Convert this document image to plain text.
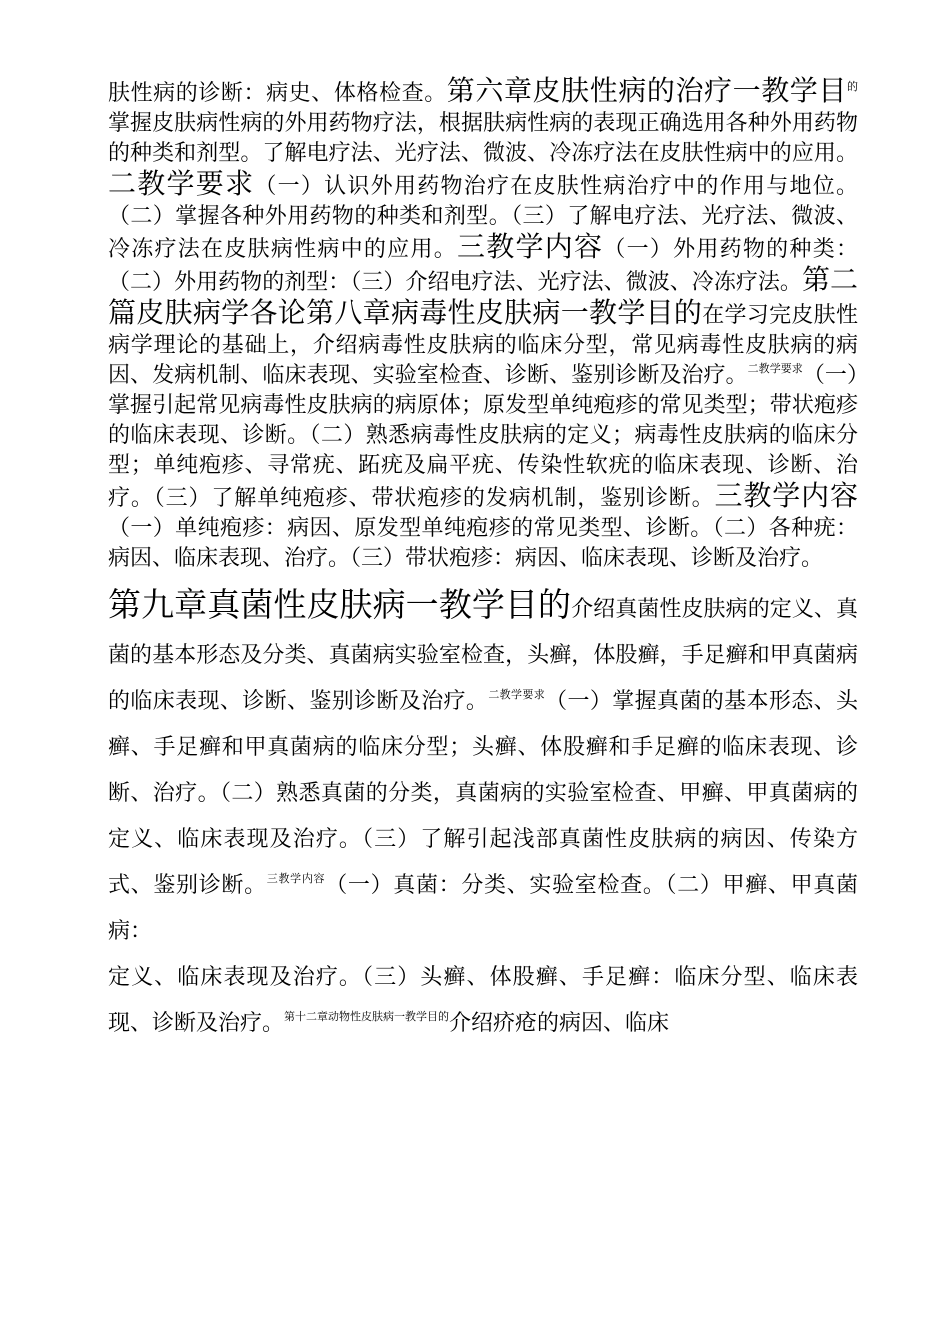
肤性病的诊断：病史、体格检查。第六章皮肤性病的治疗一教学目$^的$掌握皮肤病性病的外用药物疗法，根据肤病性病的表现正确选用各种外用药物的种类和剂型。了解电疗法、光疗法、微波、冷冻疗法在皮肤性病中的应用。二教学要求（一）认识外用药物治疗在皮肤性病治疗中的作用与地位。（二）掌握各种外用药物的种类和剂型。（三）了解电疗法、光疗法、微波、冷冻疗法在皮肤病性病中的应用。三教学内容（一）外用药物的种类：（二）外用药物的剂型：（三）介绍电疗法、光疗法、微波、冷冻疗法。第二篇皮肤病学各论第八章病毒性皮肤病一教学目的在学习完皮肤性病学理论的基础上，介绍病毒性皮肤病的临床分型，常见病毒性皮肤病的病因、发病机制、临床表现、实验室检查、诊断、鉴别诊断及治疗。$^{二教学要求}$（一）掌握引起常见病毒性皮肤病的病原体；原发型单纯疱疹的常见类型；带状疱疹的临床表现、诊断。（二）熟悉病毒性皮肤病的定义；病毒性皮肤病的临床分型；单纯疱疹、寻常疣、跖疣及扁平疣、传染性软疣的临床表现、诊断、治疗。（三）了解单纯疱疹、带状疱疹的发病机制，鉴别诊断。三教学内容（一）单纯疱疹：病因、原发型单纯疱疹的常见类型、诊断。（二）各种疣：病因、临床表现、治疗。（三）带状疱疹：病因、临床表现、诊断及治疗。

第九章真菌性皮肤病一教学目的介绍真菌性皮肤病的定义、真菌的基本形态及分类、真菌病实验室检查，头癣，体股癣，手足癣和甲真菌病的临床表现、诊断、鉴别诊断及治疗。$^{二教学要求}$（一）掌握真菌的基本形态、头癣、手足癣和甲真菌病的临床分型；头癣、体股癣和手足癣的临床表现、诊断、治疗。（二）熟悉真菌的分类，真菌病的实验室检查、甲癣、甲真菌病的定义、临床表现及治疗。（三）了解引起浅部真菌性皮肤病的病因、传染方式、鉴别诊断。$^{三教学内容}$（一）真菌：分类、实验室检查。（二）甲癣、甲真菌病：
定义、临床表现及治疗。（三）头癣、体股癣、手足癣：临床分型、临床表现、诊断及治疗。$^{第十二章动物性皮肤病一教学目的}$介绍疥疮的病因、临床
